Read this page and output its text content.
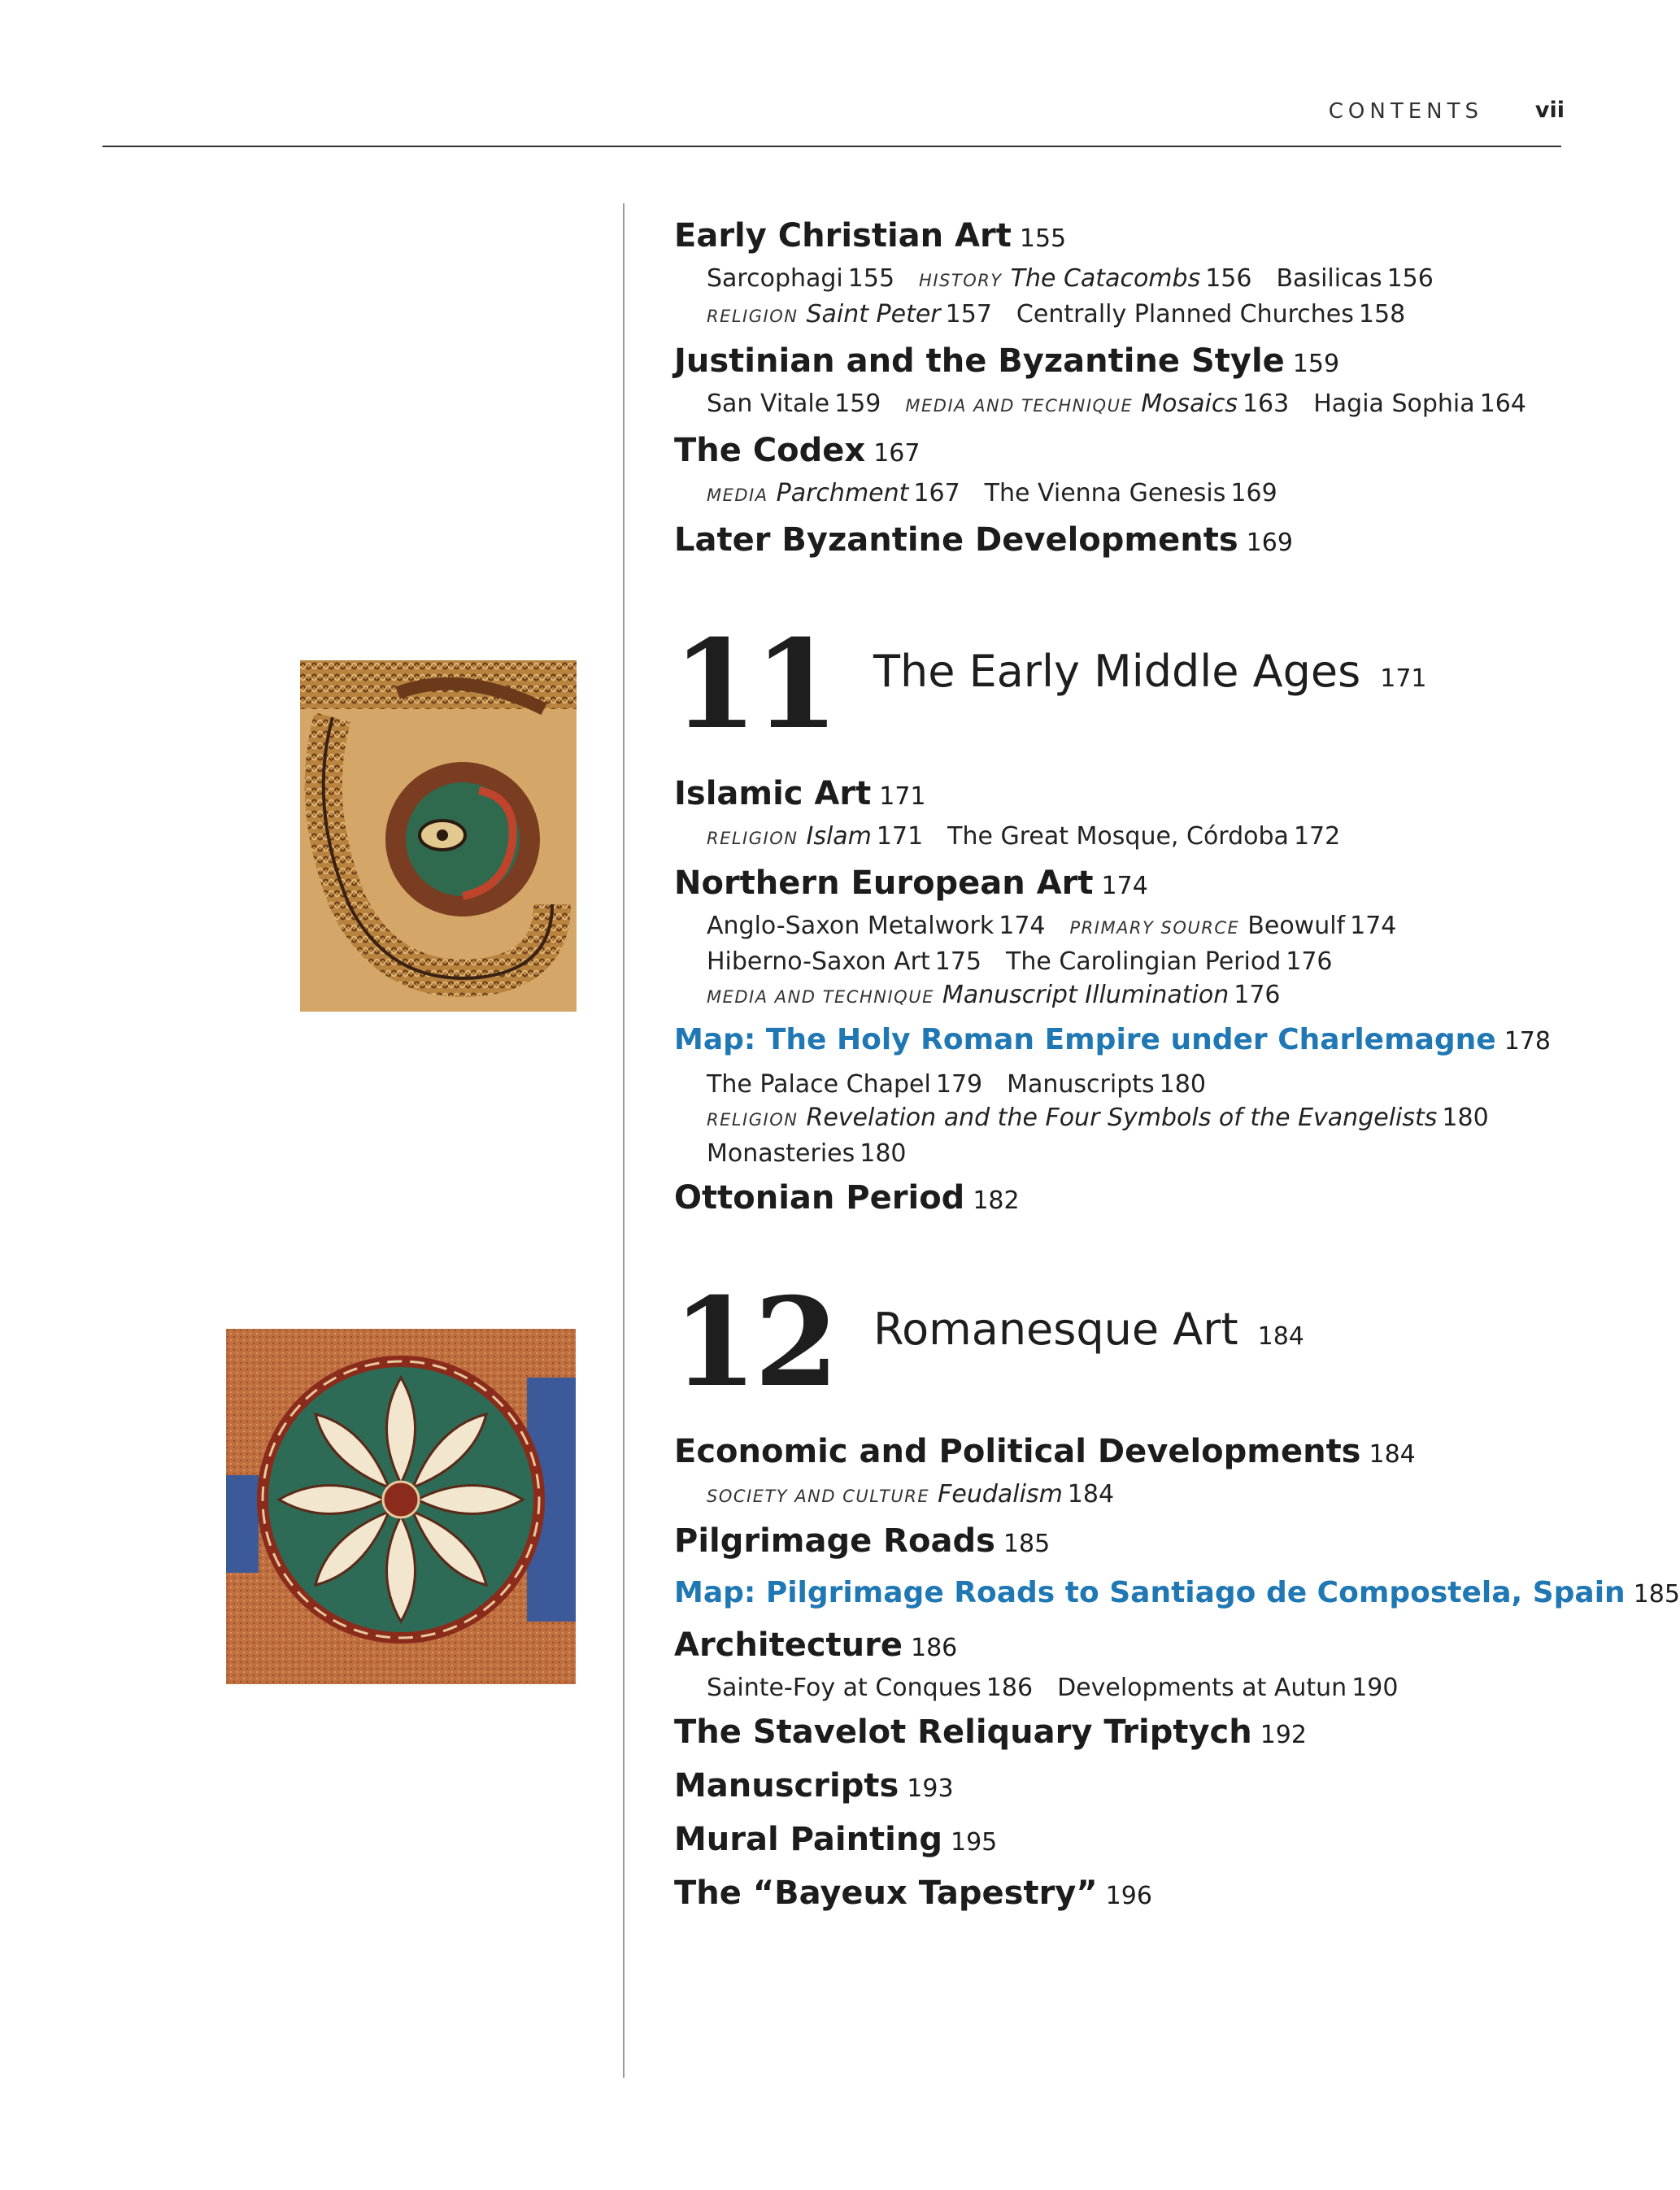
CONTENTS vii
Early Christian Art 155
Sarcophagi 155 HISTORY The Catacombs 156 Basilicas 156
RELIGION Saint Peter 157 Centrally Planned Churches 158
Justinian and the Byzantine Style 159
San Vitale 159 MEDIA AND TECHNIQUE Mosaics 163 Hagia Sophia 164
The Codex 167
MEDIA Parchment 167 The Vienna Genesis 169
Later Byzantine Developments 169
11 The Early Middle Ages 171
Islamic Art 171
RELIGION Islam 171 The Great Mosque, Córdoba 172
Northern European Art 174
Anglo-Saxon Metalwork 174 PRIMARY SOURCE Beowulf 174
Hiberno-Saxon Art 175 The Carolingian Period 176
MEDIA AND TECHNIQUE Manuscript Illumination 176
Map: The Holy Roman Empire under Charlemagne 178
The Palace Chapel 179 Manuscripts 180
RELIGION Revelation and the Four Symbols of the Evangelists 180
Monasteries 180
Ottonian Period 182
12 Romanesque Art 184
Economic and Political Developments 184
SOCIETY AND CULTURE Feudalism 184
Pilgrimage Roads 185
Map: Pilgrimage Roads to Santiago de Compostela, Spain 185
Architecture 186
Sainte-Foy at Conques 186 Developments at Autun 190
The Stavelot Reliquary Triptych 192
Manuscripts 193
Mural Painting 195
The “Bayeux Tapestry” 196
